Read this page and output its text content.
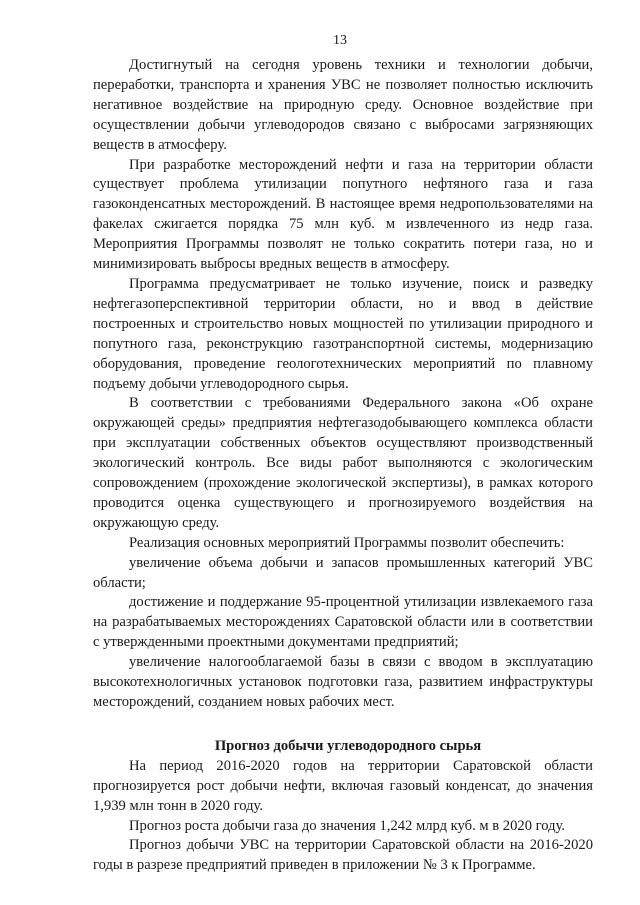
13

Достигнутый на сегодня уровень техники и технологии добычи, переработки, транспорта и хранения УВС не позволяет полностью исключить негативное воздействие на природную среду. Основное воздействие при осуществлении добычи углеводородов связано с выбросами загрязняющих веществ в атмосферу.

При разработке месторождений нефти и газа на территории области существует проблема утилизации попутного нефтяного газа и газа газоконденсатных месторождений. В настоящее время недропользователями на факелах сжигается порядка 75 млн куб. м извлеченного из недр газа. Мероприятия Программы позволят не только сократить потери газа, но и минимизировать выбросы вредных веществ в атмосферу.

Программа предусматривает не только изучение, поиск и разведку нефтегазоперспективной территории области, но и ввод в действие построенных и строительство новых мощностей по утилизации природного и попутного газа, реконструкцию газотранспортной системы, модернизацию оборудования, проведение геологотехнических мероприятий по плавному подъему добычи углеводородного сырья.

В соответствии с требованиями Федерального закона «Об охране окружающей среды» предприятия нефтегазодобывающего комплекса области при эксплуатации собственных объектов осуществляют производственный экологический контроль. Все виды работ выполняются с экологическим сопровождением (прохождение экологической экспертизы), в рамках которого проводится оценка существующего и прогнозируемого воздействия на окружающую среду.

Реализация основных мероприятий Программы позволит обеспечить:

увеличение объема добычи и запасов промышленных категорий УВС области;

достижение и поддержание 95-процентной утилизации извлекаемого газа на разрабатываемых месторождениях Саратовской области или в соответствии с утвержденными проектными документами предприятий;

увеличение налогооблагаемой базы в связи с вводом в эксплуатацию высокотехнологичных установок подготовки газа, развитием инфраструктуры месторождений, созданием новых рабочих мест.

Прогноз добычи углеводородного сырья

На период 2016-2020 годов на территории Саратовской области прогнозируется рост добычи нефти, включая газовый конденсат, до значения 1,939 млн тонн в 2020 году.

Прогноз роста добычи газа до значения 1,242 млрд куб. м в 2020 году.

Прогноз добычи УВС на территории Саратовской области на 2016-2020 годы в разрезе предприятий приведен в приложении № 3 к Программе.
